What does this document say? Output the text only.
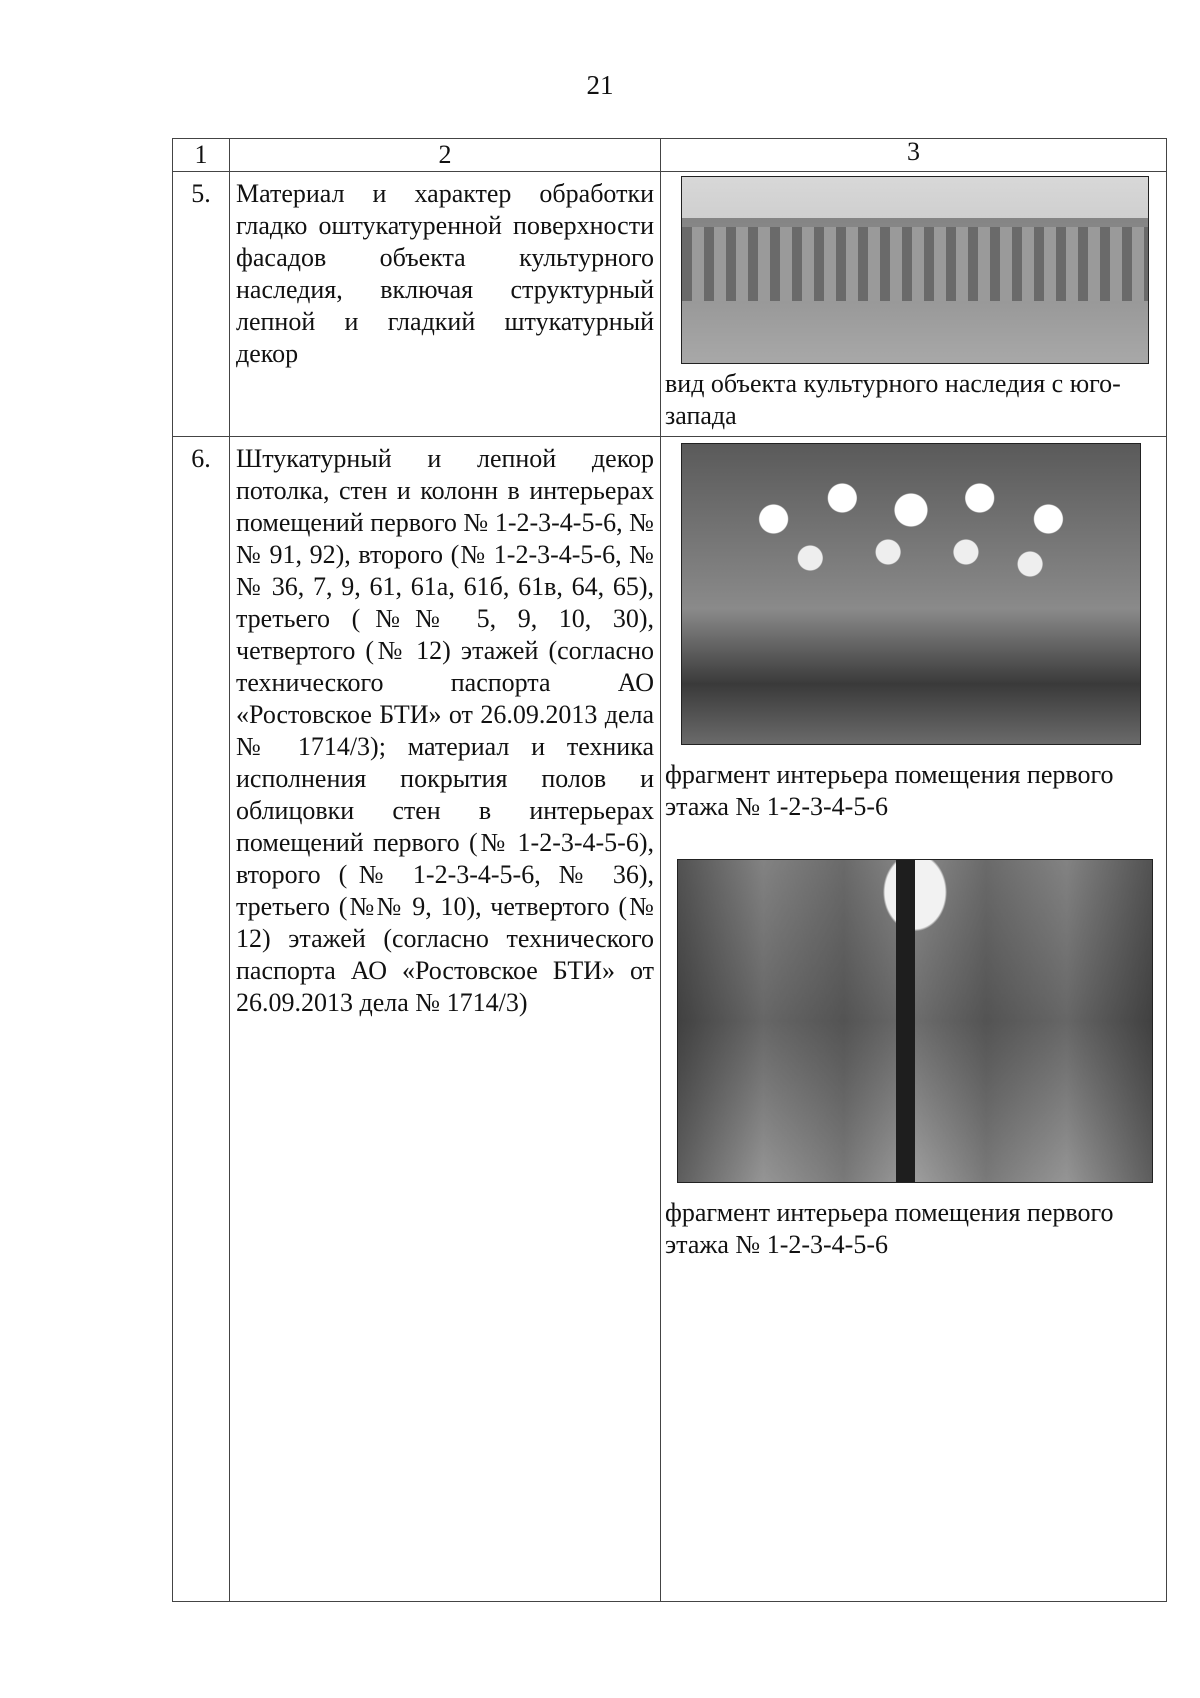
21
1	2	3
5.	Материал и характер обработки гладко оштукатуренной поверхности фасадов объекта культурного наследия, включая структурный лепной и гладкий штукатурный декор	вид объекта культурного наследия с юго-запада

6.	Штукатурный и лепной декор потолка, стен и колонн в интерьерах помещений первого № 1-2-3-4-5-6, №№ 91, 92), второго (№ 1-2-3-4-5-6, №№ 36, 7, 9, 61, 61а, 61б, 61в, 64, 65), третьего (№№ 5, 9, 10, 30), четвертого (№ 12) этажей (согласно технического паспорта АО «Ростовское БТИ» от 26.09.2013 дела № 1714/3); материал и техника исполнения покрытия полов и облицовки стен в интерьерах помещений первого (№ 1-2-3-4-5-6), второго (№ 1-2-3-4-5-6, № 36), третьего (№№ 9, 10), четвертого (№ 12) этажей (согласно технического паспорта АО «Ростовское БТИ» от 26.09.2013 дела № 1714/3)	фрагмент интерьера помещения первого этажа № 1-2-3-4-5-6

фрагмент интерьера помещения первого этажа № 1-2-3-4-5-6
